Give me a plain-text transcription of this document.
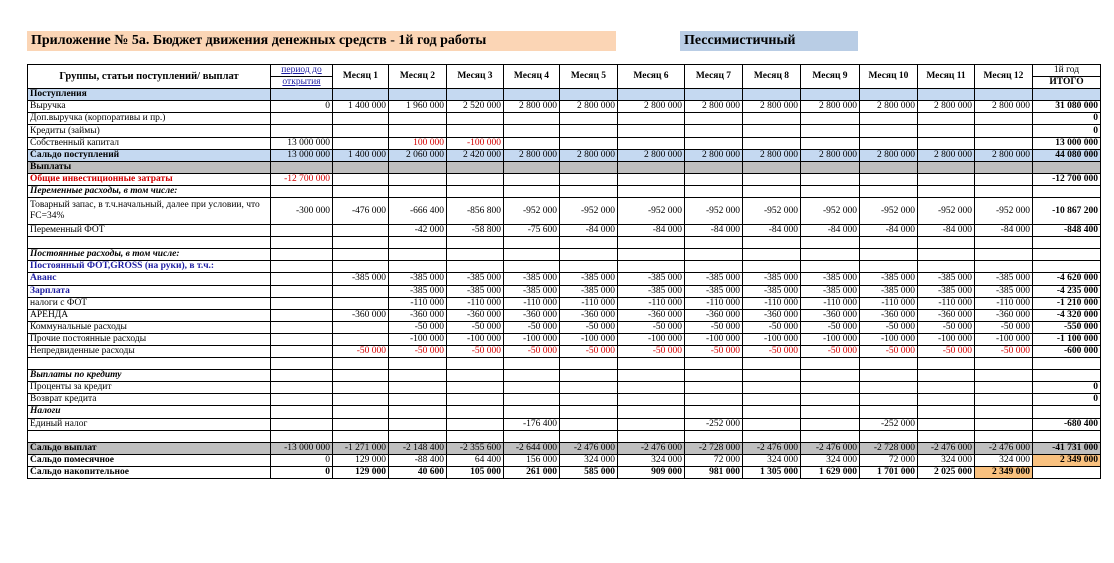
Приложение № 5а. Бюджет движения денежных средств - 1й год работы	Пессимистичный
Группы, статьи поступлений/ выплат	период до	Месяц 1	Месяц 2	Месяц 3	Месяц 4	Месяц 5	Месяц 6	Месяц 7	Месяц 8	Месяц 9	Месяц 10	Месяц 11	Месяц 12	1й год
	открытия													ИТОГО
Поступления														
Выручка	0	1 400 000	1 960 000	2 520 000	2 800 000	2 800 000	2 800 000	2 800 000	2 800 000	2 800 000	2 800 000	2 800 000	2 800 000	31 080 000
Доп.выручка (корпоративы и пр.)														0
Кредиты (займы)														0
Собственный капитал	13 000 000		100 000	-100 000										13 000 000
Сальдо поступлений	13 000 000	1 400 000	2 060 000	2 420 000	2 800 000	2 800 000	2 800 000	2 800 000	2 800 000	2 800 000	2 800 000	2 800 000	2 800 000	44 080 000
Выплаты														
Общие инвестиционные затраты	-12 700 000													-12 700 000
Переменные расходы, в том числе:														
Товарный запас, в т.ч.начальный, далее при условии, что FC=34%	-300 000	-476 000	-666 400	-856 800	-952 000	-952 000	-952 000	-952 000	-952 000	-952 000	-952 000	-952 000	-952 000	-10 867 200
Переменный ФОТ			-42 000	-58 800	-75 600	-84 000	-84 000	-84 000	-84 000	-84 000	-84 000	-84 000	-84 000	-848 400

Постоянные расходы, в том числе:														
Постоянный ФОТ,GROSS (на руки), в т.ч.:														
Аванс		-385 000	-385 000	-385 000	-385 000	-385 000	-385 000	-385 000	-385 000	-385 000	-385 000	-385 000	-385 000	-4 620 000
Зарплата			-385 000	-385 000	-385 000	-385 000	-385 000	-385 000	-385 000	-385 000	-385 000	-385 000	-385 000	-4 235 000
налоги с ФОТ			-110 000	-110 000	-110 000	-110 000	-110 000	-110 000	-110 000	-110 000	-110 000	-110 000	-110 000	-1 210 000
АРЕНДА		-360 000	-360 000	-360 000	-360 000	-360 000	-360 000	-360 000	-360 000	-360 000	-360 000	-360 000	-360 000	-4 320 000
Коммунальные расходы			-50 000	-50 000	-50 000	-50 000	-50 000	-50 000	-50 000	-50 000	-50 000	-50 000	-50 000	-550 000
Прочие постоянные расходы			-100 000	-100 000	-100 000	-100 000	-100 000	-100 000	-100 000	-100 000	-100 000	-100 000	-100 000	-1 100 000
Непредвиденные расходы		-50 000	-50 000	-50 000	-50 000	-50 000	-50 000	-50 000	-50 000	-50 000	-50 000	-50 000	-50 000	-600 000

Выплаты по кредиту														
Проценты за кредит														0
Возврат кредита														0
Налоги														
Единый налог					-176 400			-252 000			-252 000			-680 400

Сальдо выплат	-13 000 000	-1 271 000	-2 148 400	-2 355 600	-2 644 000	-2 476 000	-2 476 000	-2 728 000	-2 476 000	-2 476 000	-2 728 000	-2 476 000	-2 476 000	-41 731 000
Сальдо помесячное	0	129 000	-88 400	64 400	156 000	324 000	324 000	72 000	324 000	324 000	72 000	324 000	324 000	2 349 000
Сальдо накопительное	0	129 000	40 600	105 000	261 000	585 000	909 000	981 000	1 305 000	1 629 000	1 701 000	2 025 000	2 349 000	
